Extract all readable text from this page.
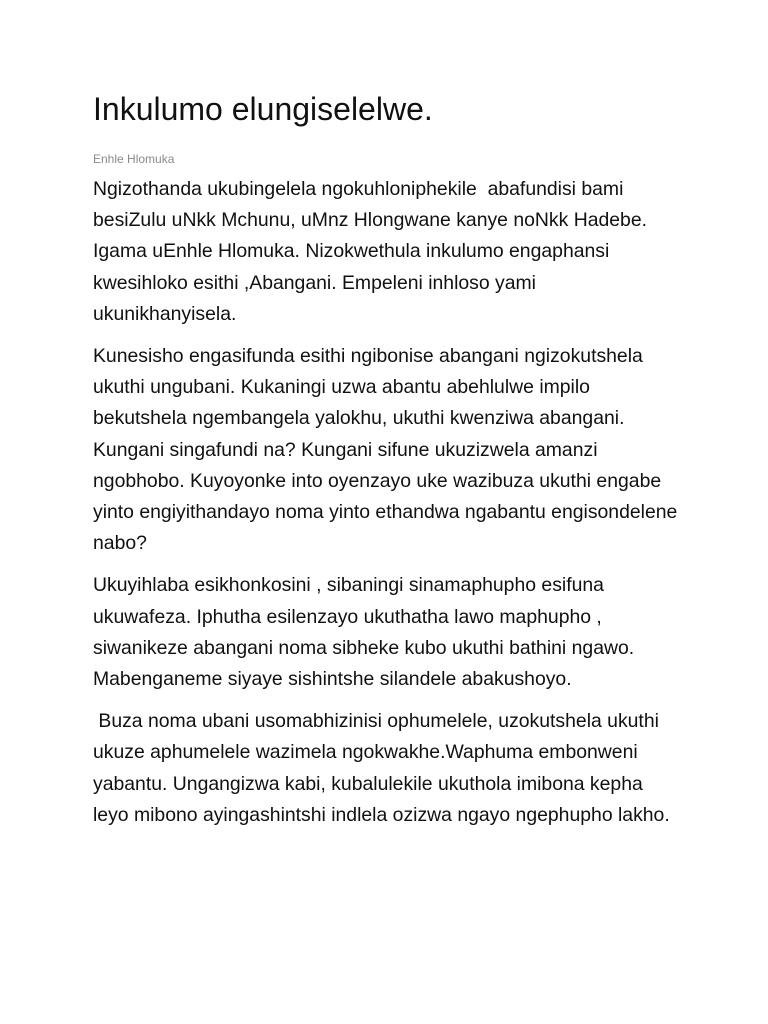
Inkulumo elungiselelwe.
Enhle Hlomuka

Ngizothanda ukubingelela ngokuhloniphekile  abafundisi bami besiZulu uNkk Mchunu, uMnz Hlongwane kanye noNkk Hadebe. Igama uEnhle Hlomuka. Nizokwethula inkulumo engaphansi kwesihloko esithi ,Abangani. Empeleni inhloso yami ukunikhanyisela.

Kunesisho engasifunda esithi ngibonise abangani ngizokutshela ukuthi ungubani. Kukaningi uzwa abantu abehlulwe impilo bekutshela ngembangela yalokhu, ukuthi kwenziwa abangani. Kungani singafundi na? Kungani sifune ukuzizwela amanzi ngobhobo. Kuyoyonke into oyenzayo uke wazibuza ukuthi engabe yinto engiyithandayo noma yinto ethandwa ngabantu engisondelene nabo?

Ukuyihlaba esikhonkosini , sibaningi sinamaphupho esifuna ukuwafeza. Iphutha esilenzayo ukuthatha lawo maphupho , siwanikeze abangani noma sibheke kubo ukuthi bathini ngawo. Mabenganeme siyaye sishintshe silandele abakushoyo.

Buza noma ubani usomabhizinisi ophumelele, uzokutshela ukuthi ukuze aphumelele wazimela ngokwakhe.Waphuma embonweni yabantu. Ungangizwa kabi, kubalulekile ukuthola imibona kepha leyo mibono ayingashintshi indlela ozizwa ngayo ngephupho lakho.
